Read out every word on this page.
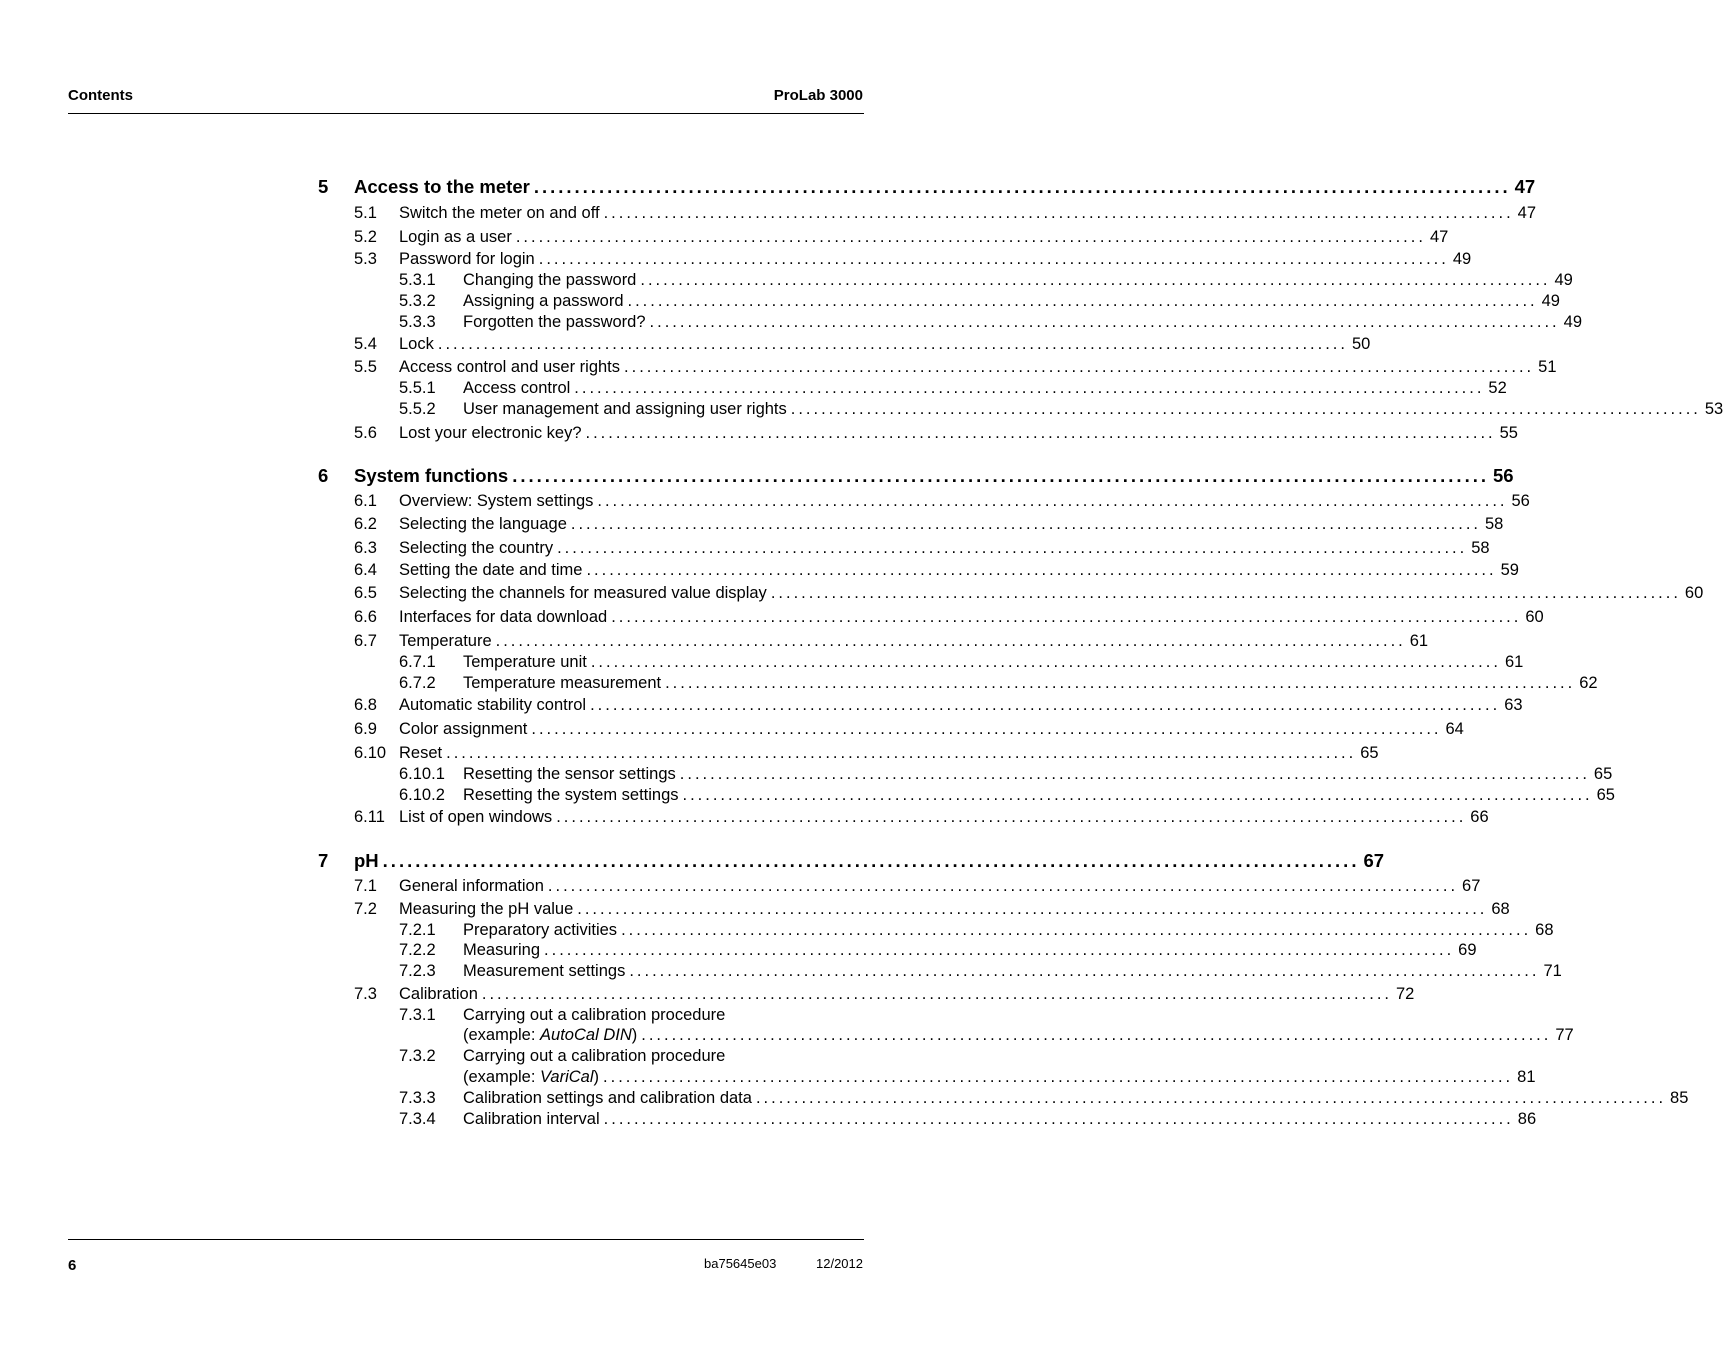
Contents	ProLab 3000
5	Access to the meter ........................................................................................................................ 47
5.1	Switch the meter on and off ........................................................................................................................ 47
5.2	Login as a user ........................................................................................................................ 47
5.3	Password for login ........................................................................................................................ 49
5.3.1	Changing the password ........................................................................................................................ 49
5.3.2	Assigning a password ........................................................................................................................ 49
5.3.3	Forgotten the password? ........................................................................................................................ 49
5.4	Lock ........................................................................................................................ 50
5.5	Access control and user rights ........................................................................................................................ 51
5.5.1	Access control ........................................................................................................................ 52
5.5.2	User management and assigning user rights ........................................................................................................................ 53
5.6	Lost your electronic key? ........................................................................................................................ 55
6	System functions ........................................................................................................................ 56
6.1	Overview: System settings ........................................................................................................................ 56
6.2	Selecting the language ........................................................................................................................ 58
6.3	Selecting the country ........................................................................................................................ 58
6.4	Setting the date and time ........................................................................................................................ 59
6.5	Selecting the channels for measured value display ........................................................................................................................ 60
6.6	Interfaces for data download ........................................................................................................................ 60
6.7	Temperature ........................................................................................................................ 61
6.7.1	Temperature unit ........................................................................................................................ 61
6.7.2	Temperature measurement ........................................................................................................................ 62
6.8	Automatic stability control ........................................................................................................................ 63
6.9	Color assignment ........................................................................................................................ 64
6.10 Reset ........................................................................................................................ 65
6.10.1	Resetting the sensor settings ........................................................................................................................ 65
6.10.2	Resetting the system settings ........................................................................................................................ 65
6.11 List of open windows ........................................................................................................................ 66
7	pH ........................................................................................................................ 67
7.1	General information ........................................................................................................................ 67
7.2	Measuring the pH value ........................................................................................................................ 68
7.2.1	Preparatory activities ........................................................................................................................ 68
7.2.2	Measuring ........................................................................................................................ 69
7.2.3	Measurement settings ........................................................................................................................ 71
7.3	Calibration ........................................................................................................................ 72
7.3.1	Carrying out a calibration procedure
(example: AutoCal DIN) ........................................................................................................................ 77
7.3.2	Carrying out a calibration procedure
(example: VariCal) ........................................................................................................................ 81
7.3.3	Calibration settings and calibration data ........................................................................................................................ 85
7.3.4	Calibration interval ........................................................................................................................ 86
6	ba75645e03	12/2012
